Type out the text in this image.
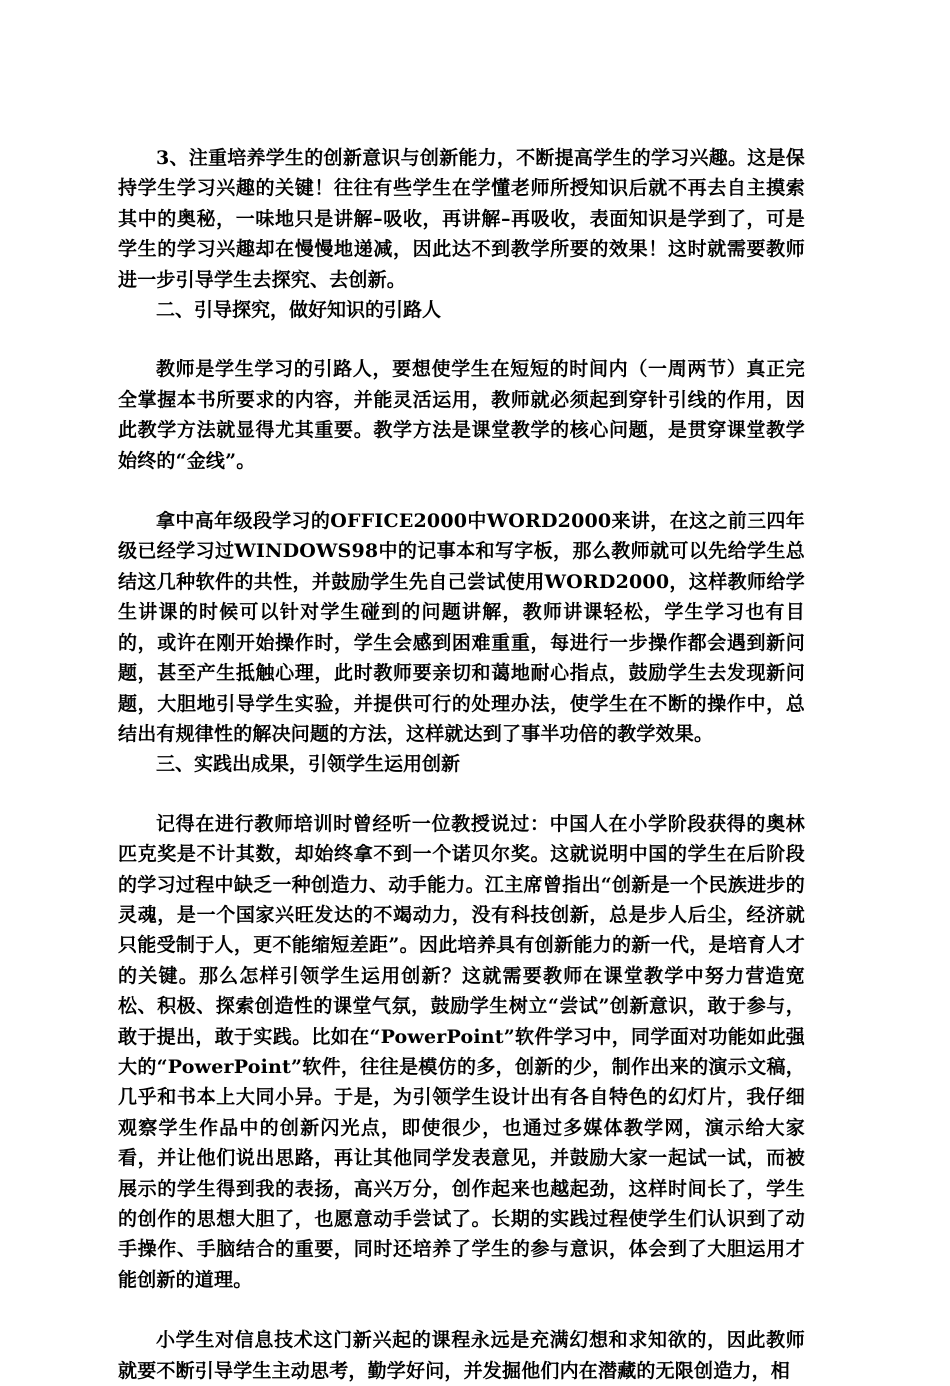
3、注重培养学生的创新意识与创新能力，不断提高学生的学习兴趣。这是保持学生学习兴趣的关键！往往有些学生在学懂老师所授知识后就不再去自主摸索其中的奥秘，一味地只是讲解–吸收，再讲解–再吸收，表面知识是学到了，可是学生的学习兴趣却在慢慢地递减，因此达不到教学所要的效果！这时就需要教师进一步引导学生去探究、去创新。

二、引导探究，做好知识的引路人

教师是学生学习的引路人，要想使学生在短短的时间内（一周两节）真正完全掌握本书所要求的内容，并能灵活运用，教师就必须起到穿针引线的作用，因此教学方法就显得尤其重要。教学方法是课堂教学的核心问题，是贯穿课堂教学始终的“金线”。

拿中高年级段学习的OFFICE2000中WORD2000来讲，在这之前三四年级已经学习过WINDOWS98中的记事本和写字板，那么教师就可以先给学生总结这几种软件的共性，并鼓励学生先自己尝试使用WORD2000，这样教师给学生讲课的时候可以针对学生碰到的问题讲解，教师讲课轻松，学生学习也有目的，或许在刚开始操作时，学生会感到困难重重，每进行一步操作都会遇到新问题，甚至产生抵触心理，此时教师要亲切和蔼地耐心指点，鼓励学生去发现新问题，大胆地引导学生实验，并提供可行的处理办法，使学生在不断的操作中，总结出有规律性的解决问题的方法，这样就达到了事半功倍的教学效果。

三、实践出成果，引领学生运用创新

记得在进行教师培训时曾经听一位教授说过：中国人在小学阶段获得的奥林匹克奖是不计其数，却始终拿不到一个诺贝尔奖。这就说明中国的学生在后阶段的学习过程中缺乏一种创造力、动手能力。江主席曾指出“创新是一个民族进步的灵魂，是一个国家兴旺发达的不竭动力，没有科技创新，总是步人后尘，经济就只能受制于人，更不能缩短差距”。因此培养具有创新能力的新一代，是培育人才的关键。那么怎样引领学生运用创新？这就需要教师在课堂教学中努力营造宽松、积极、探索创造性的课堂气氛，鼓励学生树立“尝试”创新意识，敢于参与，敢于提出，敢于实践。比如在“PowerPoint”软件学习中，同学面对功能如此强大的“PowerPoint”软件，往往是模仿的多，创新的少，制作出来的演示文稿，几乎和书本上大同小异。于是，为引领学生设计出有各自特色的幻灯片，我仔细观察学生作品中的创新闪光点，即使很少，也通过多媒体教学网，演示给大家看，并让他们说出思路，再让其他同学发表意见，并鼓励大家一起试一试，而被展示的学生得到我的表扬，高兴万分，创作起来也越起劲，这样时间长了，学生的创作的思想大胆了，也愿意动手尝试了。长期的实践过程使学生们认识到了动手操作、手脑结合的重要，同时还培养了学生的参与意识，体会到了大胆运用才能创新的道理。

小学生对信息技术这门新兴起的课程永远是充满幻想和求知欲的，因此教师就要不断引导学生主动思考，勤学好问，并发掘他们内在潜藏的无限创造力，相
